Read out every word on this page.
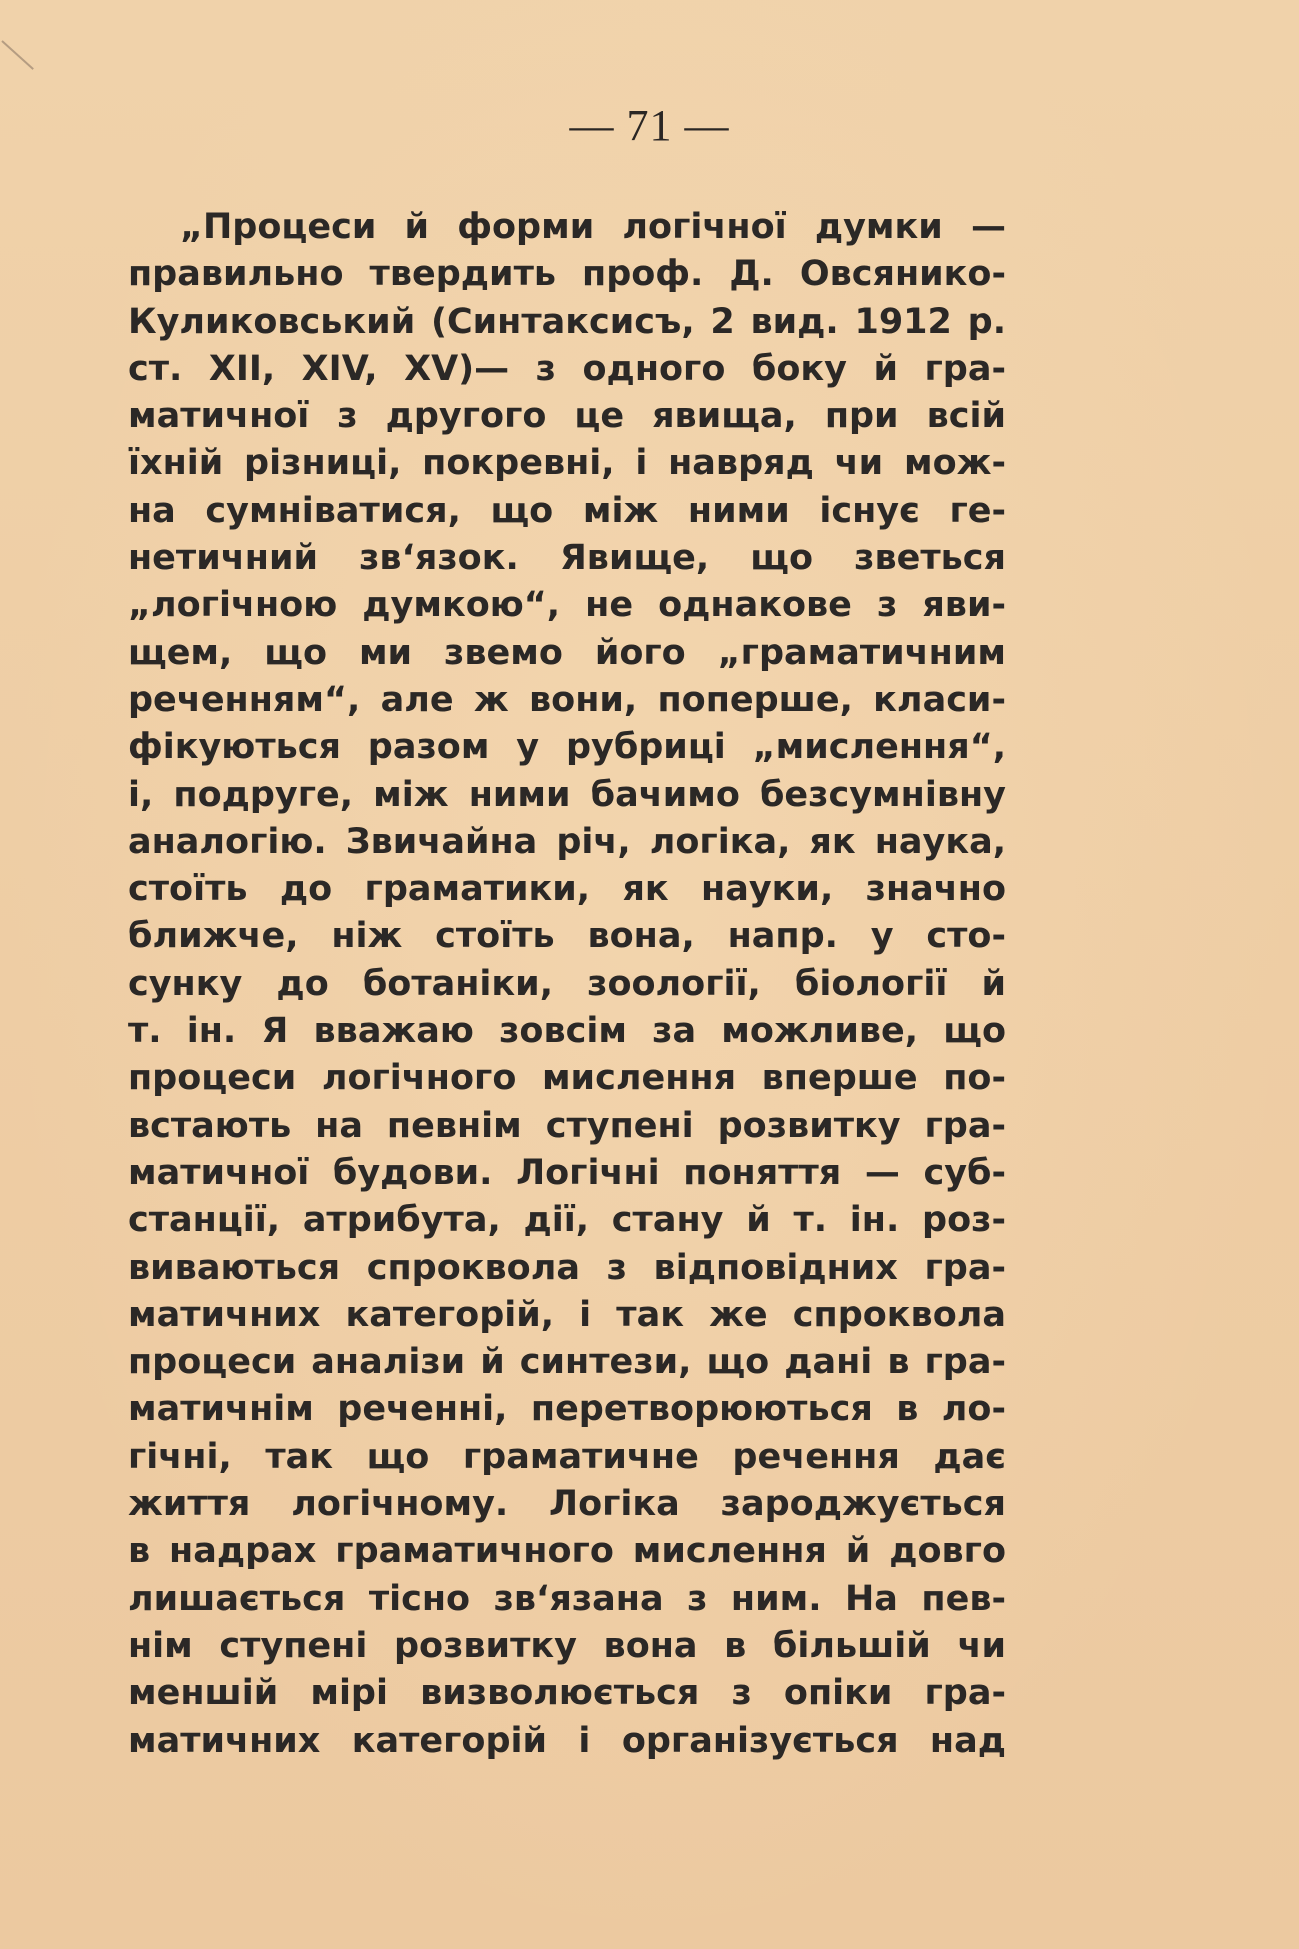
— 71 —
„Процеси й форми логічної думки —
правильно твердить проф. Д. Овсянико-
Куликовський (Синтаксисъ, 2 вид. 1912 р.
ст. XII, XIV, XV)— з одного боку й гра-
матичної з другого це явища, при всій
їхній різниці, покревні, і навряд чи мож-
на сумніватися, що між ними існує ге-
нетичний зв‘язок. Явище, що зветься
„логічною думкою“, не однакове з яви-
щем, що ми звемо його „граматичним
реченням“, але ж вони, поперше, класи-
фікуються разом у рубриці „мислення“,
і, подруге, між ними бачимо безсумнівну
аналогію. Звичайна річ, логіка, як наука,
стоїть до граматики, як науки, значно
ближче, ніж стоїть вона, напр. у сто-
сунку до ботаніки, зоології, біології й
т. ін. Я вважаю зовсім за можливе, що
процеси логічного мислення вперше по-
встають на певнім ступені розвитку гра-
матичної будови. Логічні поняття — суб-
станції, атрибута, дії, стану й т. ін. роз-
виваються спроквола з відповідних гра-
матичних категорій, і так же спроквола
процеси аналізи й синтези, що дані в гра-
матичнім реченні, перетворюються в ло-
гічні, так що граматичне речення дає
життя логічному. Логіка зароджується
в надрах граматичного мислення й довго
лишається тісно зв‘язана з ним. На пев-
нім ступені розвитку вона в більшій чи
меншій мірі визволюється з опіки гра-
матичних категорій і організується над
